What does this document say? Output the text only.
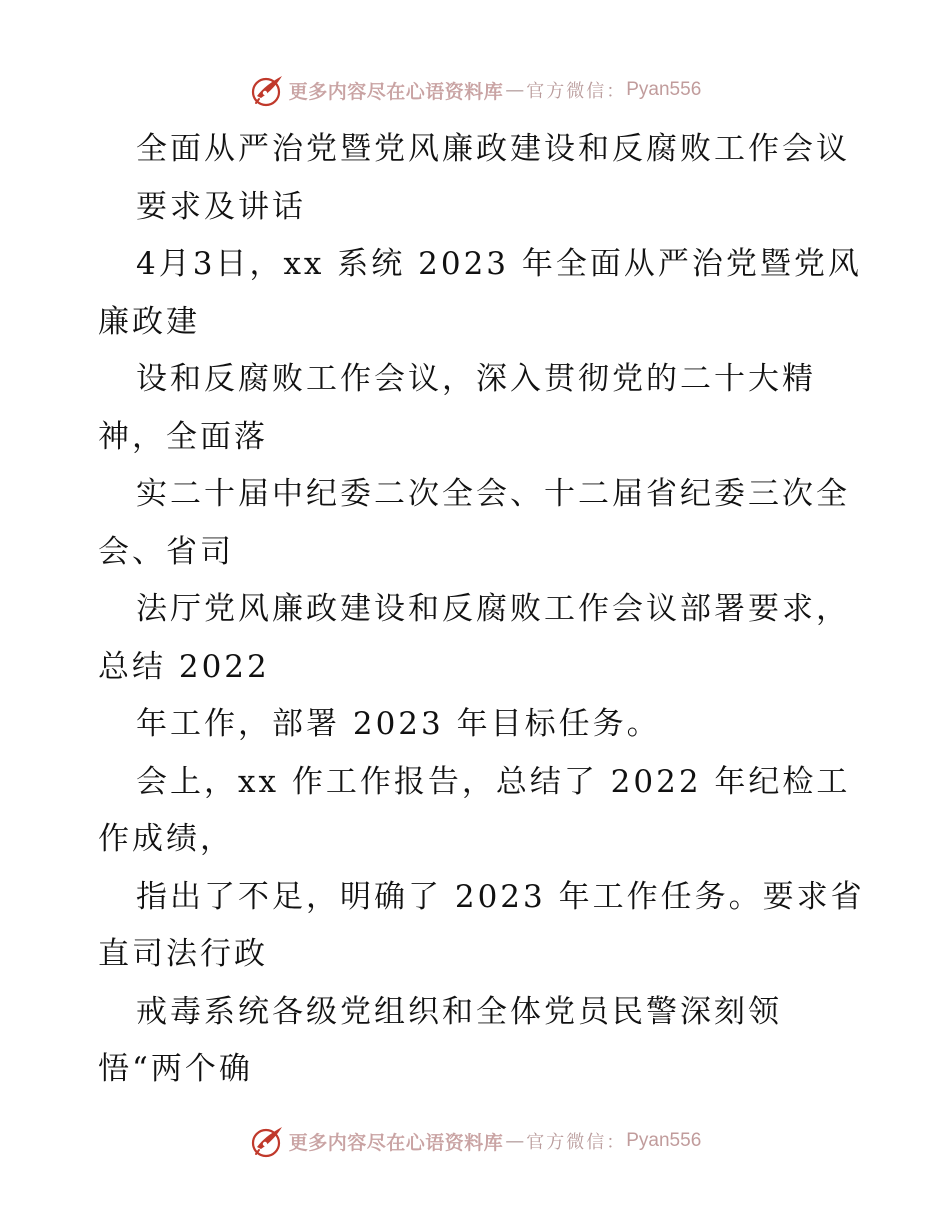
更多内容尽在心语资料库 — 官方微信： Pyan556
全面从严治党暨党风廉政建设和反腐败工作会议
要求及讲话
4月3日，xx 系统 2023 年全面从严治党暨党风
廉政建
设和反腐败工作会议，深入贯彻党的二十大精
神，全面落
实二十届中纪委二次全会、十二届省纪委三次全
会、省司
法厅党风廉政建设和反腐败工作会议部署要求，
总结 2022
年工作，部署 2023 年目标任务。
会上，xx 作工作报告，总结了 2022 年纪检工
作成绩，
指出了不足，明确了 2023 年工作任务。要求省
直司法行政
戒毒系统各级党组织和全体党员民警深刻领
悟“两个确
更多内容尽在心语资料库 — 官方微信： Pyan556
